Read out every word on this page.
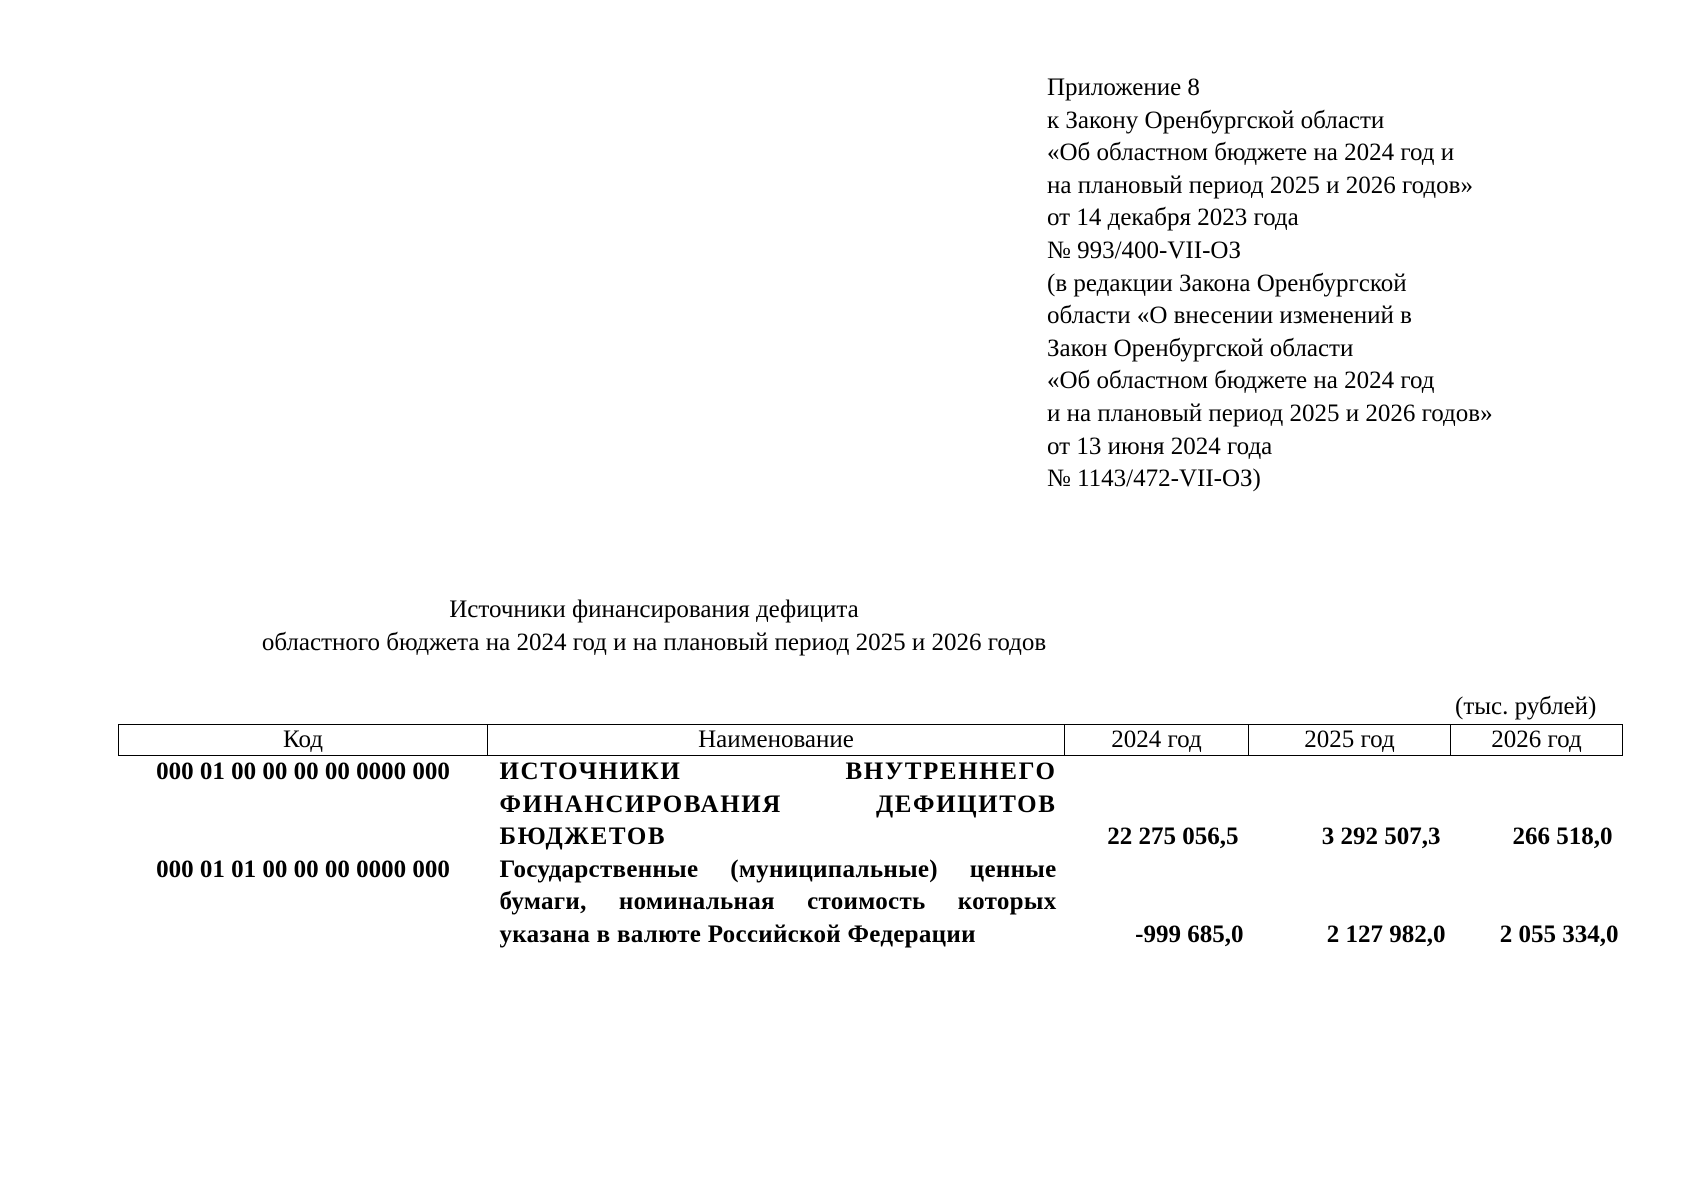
Приложение 8
к Закону Оренбургской области
«Об областном бюджете на 2024 год и
на плановый период 2025 и 2026 годов»
от 14 декабря 2023 года
№ 993/400-VII-ОЗ
(в редакции Закона Оренбургской
области «О внесении изменений в
Закон Оренбургской области
«Об областном бюджете на 2024 год
и на плановый период 2025 и 2026 годов»
от 13 июня 2024 года
№ 1143/472-VII-ОЗ)
Источники финансирования дефицита
областного бюджета на 2024 год и на плановый период 2025 и 2026 годов
(тыс. рублей)
Код	Наименование	2024 год	2025 год	2026 год
000 01 00 00 00 00 0000 000	ИСТОЧНИКИ ВНУТРЕННЕГО ФИНАНСИРОВАНИЯ ДЕФИЦИТОВ БЮДЖЕТОВ	22 275 056,5	3 292 507,3	266 518,0
000 01 01 00 00 00 0000 000	Государственные (муниципальные) ценные бумаги, номинальная стоимость которых указана в валюте Российской Федерации	-999 685,0	2 127 982,0	2 055 334,0
